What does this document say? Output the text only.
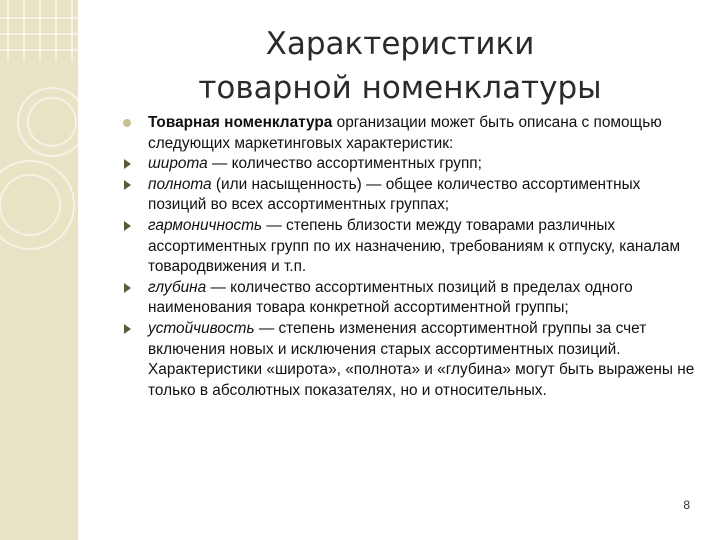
Характеристики
товарной номенклатуры
Товарная номенклатура организации может быть описана с помощью следующих маркетинговых характеристик:
широта — количество ассортиментных групп;
полнота (или насыщенность) — общее количество ассортиментных позиций во всех ассортиментных группах;
гармоничность — степень близости между товарами различных ассортиментных групп по их назначению, требованиям к отпуску, каналам товародвижения и т.п.
глубина — количество ассортиментных позиций в пределах одного наименования товара конкретной ассортиментной группы;
устойчивость — степень изменения ассортиментной группы за счет включения новых и исключения старых ассортиментных позиций.
Характеристики «широта», «полнота» и «глубина» могут быть выражены не только в абсолютных показателях, но и относительных.
8
